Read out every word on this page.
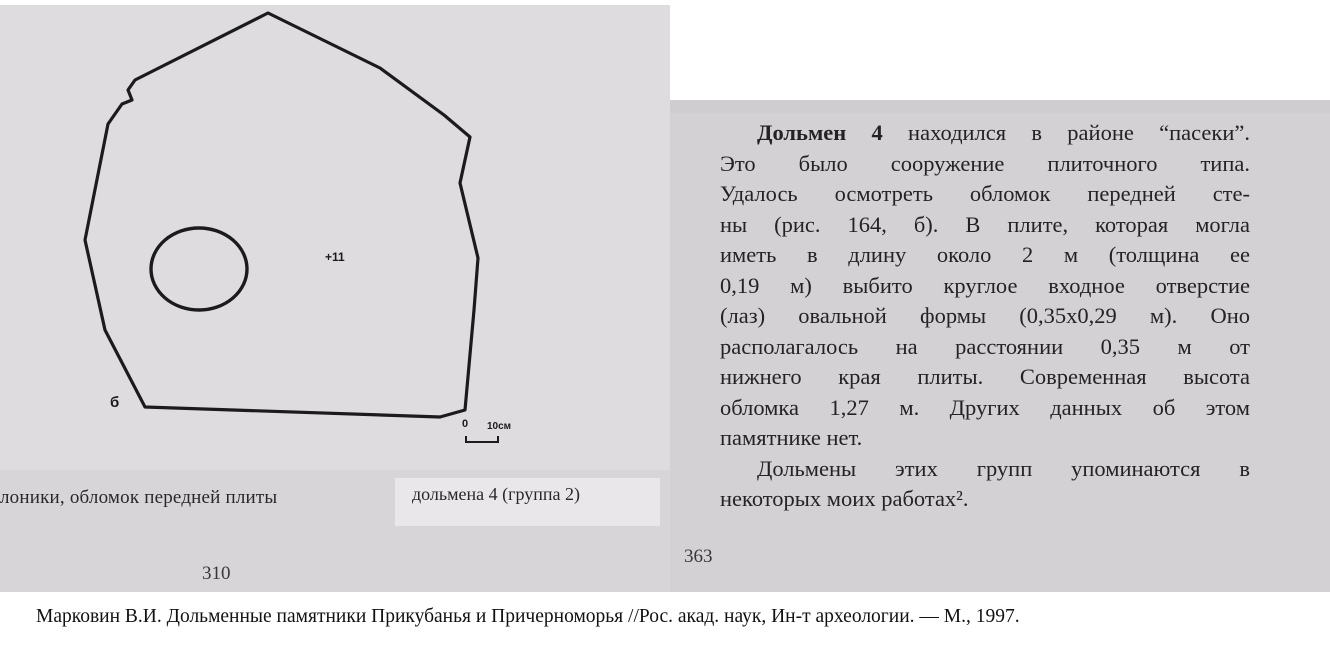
+11
б
0 10см
лоники, обломок передней плиты	дольмена 4 (группа 2)
310
363
Дольмен 4 находился в районе “пасеки”.
Это было сооружение плиточного типа.
Удалось осмотреть обломок передней сте-
ны (рис. 164, б). В плите, которая могла
иметь в длину около 2 м (толщина ее
0,19 м) выбито круглое входное отверстие
(лаз) овальной формы (0,35х0,29 м). Оно
располагалось на расстоянии 0,35 м от
нижнего края плиты. Современная высота
обломка 1,27 м. Других данных об этом
памятнике нет.
Дольмены этих групп упоминаются в
некоторых моих работах².
Марковин В.И. Дольменные памятники Прикубанья и Причерноморья //Рос. акад. наук, Ин-т археологии. — М., 1997.
